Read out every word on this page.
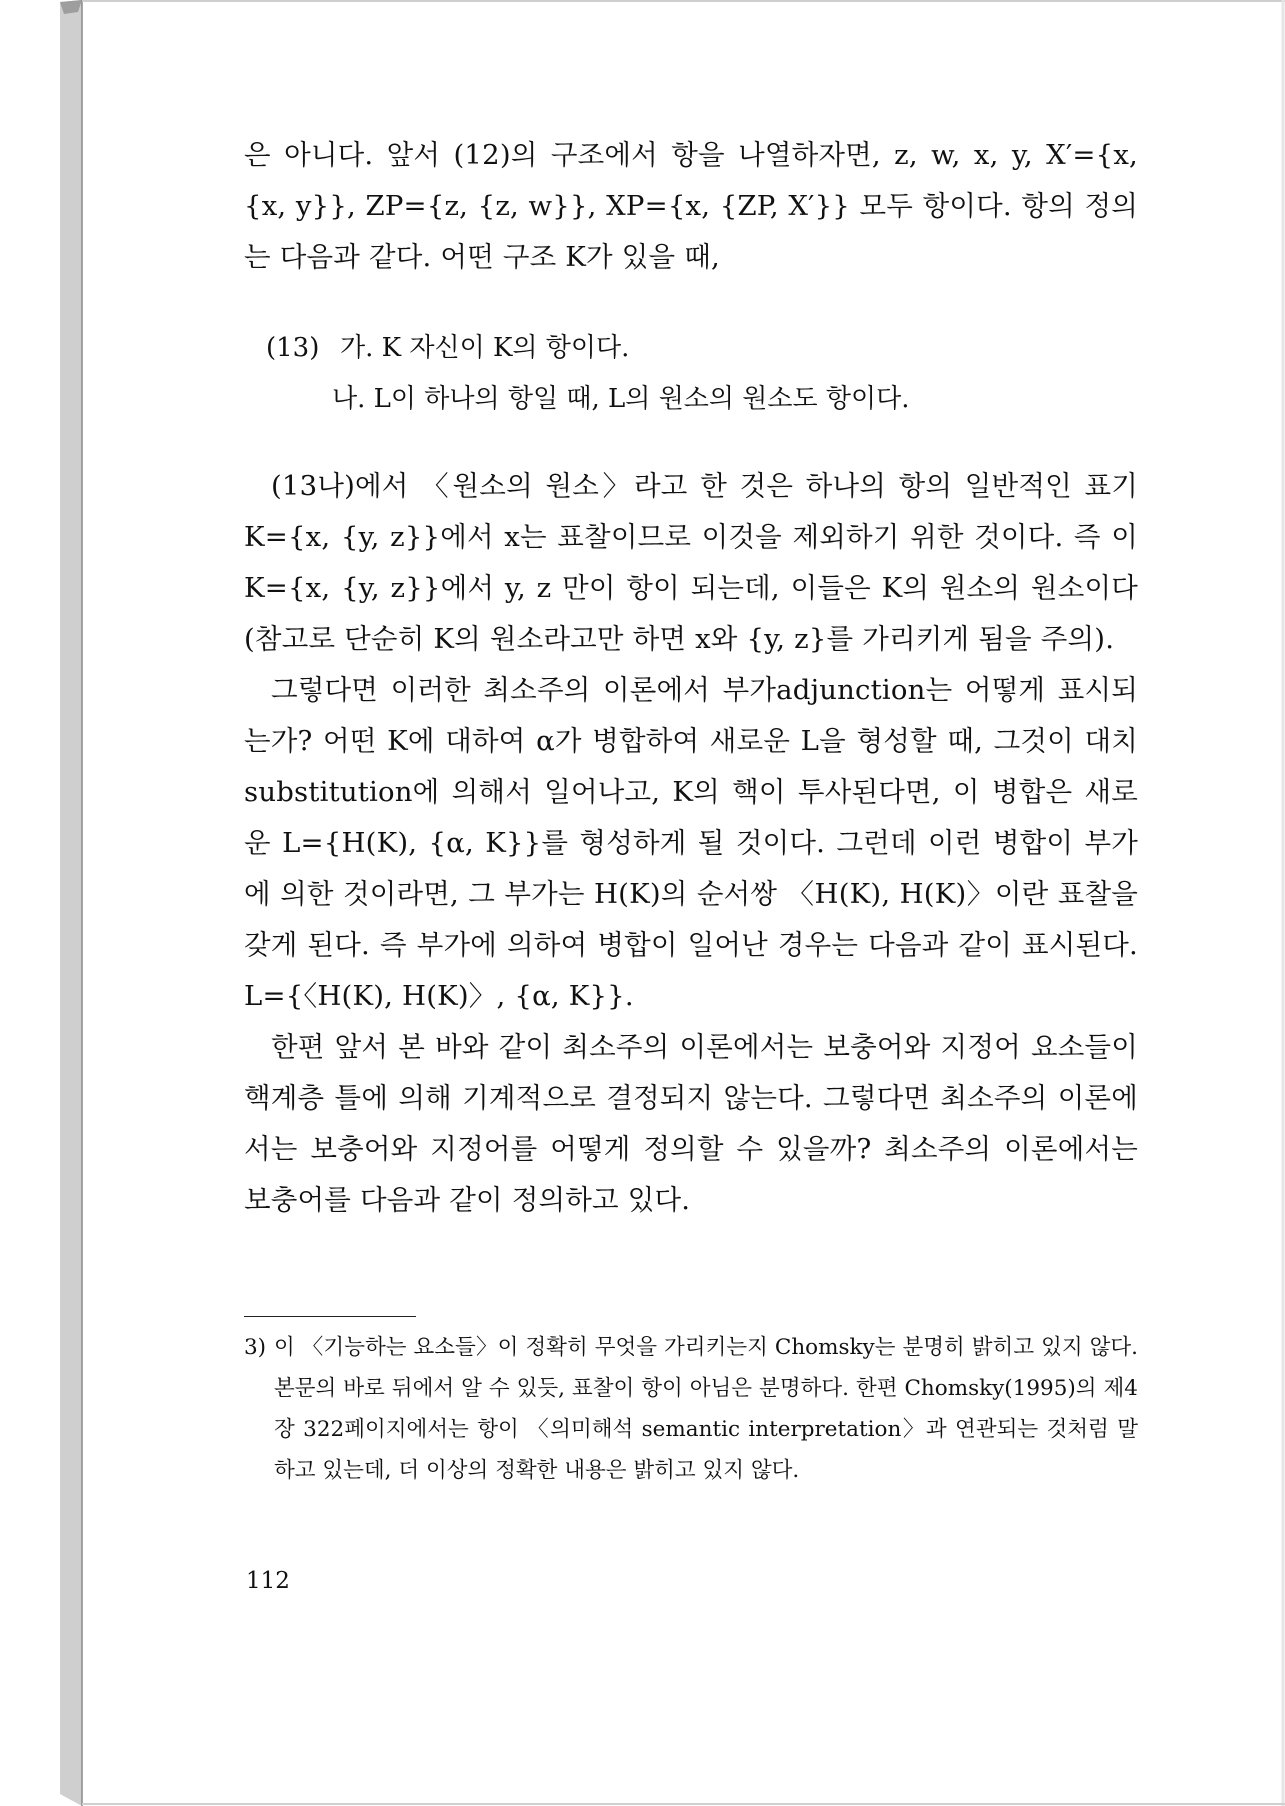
은 아니다. 앞서 (12)의 구조에서 항을 나열하자면, z, w, x, y, X′={x, {x, y}}, ZP={z, {z, w}}, XP={x, {ZP, X′}} 모두 항이다. 항의 정의는 다음과 같다. 어떤 구조 K가 있을 때,

(13) 가. K 자신이 K의 항이다.
나. L이 하나의 항일 때, L의 원소의 원소도 항이다.

(13나)에서 〈원소의 원소〉라고 한 것은 하나의 항의 일반적인 표기 K={x, {y, z}}에서 x는 표찰이므로 이것을 제외하기 위한 것이다. 즉 이 K={x, {y, z}}에서 y, z 만이 항이 되는데, 이들은 K의 원소의 원소이다(참고로 단순히 K의 원소라고만 하면 x와 {y, z}를 가리키게 됨을 주의).

그렇다면 이러한 최소주의 이론에서 부가adjunction는 어떻게 표시되는가? 어떤 K에 대하여 α가 병합하여 새로운 L을 형성할 때, 그것이 대치substitution에 의해서 일어나고, K의 핵이 투사된다면, 이 병합은 새로운 L={H(K), {α, K}}를 형성하게 될 것이다. 그런데 이런 병합이 부가에 의한 것이라면, 그 부가는 H(K)의 순서쌍 〈H(K), H(K)〉이란 표찰을 갖게 된다. 즉 부가에 의하여 병합이 일어난 경우는 다음과 같이 표시된다. L={〈H(K), H(K)〉, {α, K}}.

한편 앞서 본 바와 같이 최소주의 이론에서는 보충어와 지정어 요소들이 핵계층 틀에 의해 기계적으로 결정되지 않는다. 그렇다면 최소주의 이론에서는 보충어와 지정어를 어떻게 정의할 수 있을까? 최소주의 이론에서는 보충어를 다음과 같이 정의하고 있다.

3) 이 〈기능하는 요소들〉이 정확히 무엇을 가리키는지 Chomsky는 분명히 밝히고 있지 않다. 본문의 바로 뒤에서 알 수 있듯, 표찰이 항이 아님은 분명하다. 한편 Chomsky(1995)의 제4장 322페이지에서는 항이 〈의미해석 semantic interpretation〉과 연관되는 것처럼 말하고 있는데, 더 이상의 정확한 내용은 밝히고 있지 않다.
112
